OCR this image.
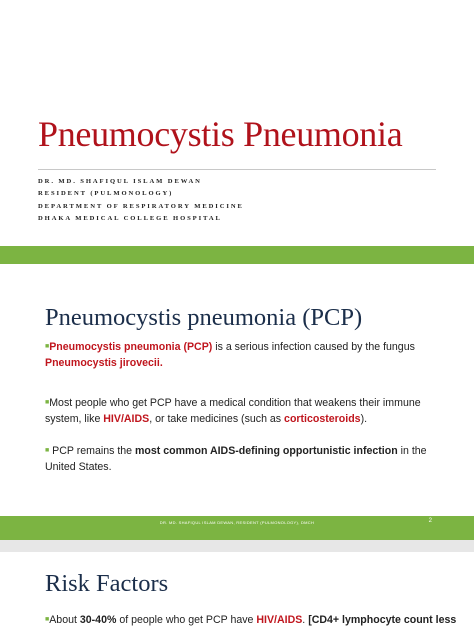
Pneumocystis Pneumonia
DR. MD. SHAFIQUL ISLAM DEWAN
RESIDENT (PULMONOLOGY)
DEPARTMENT OF RESPIRATORY MEDICINE
DHAKA MEDICAL COLLEGE HOSPITAL
Pneumocystis pneumonia (PCP)
■Pneumocystis pneumonia (PCP) is a serious infection caused by the fungus Pneumocystis jirovecii.
■Most people who get PCP have a medical condition that weakens their immune system, like HIV/AIDS, or take medicines (such as corticosteroids).
■ PCP remains the most common AIDS-defining opportunistic infection in the United States.
DR. MD. SHAFIQUL ISLAM DEWAN, RESIDENT (PULMONOLOGY), DMCH	2
Risk Factors
■About 30-40% of people who get PCP have HIV/AIDS. [CD4+ lymphocyte count less
